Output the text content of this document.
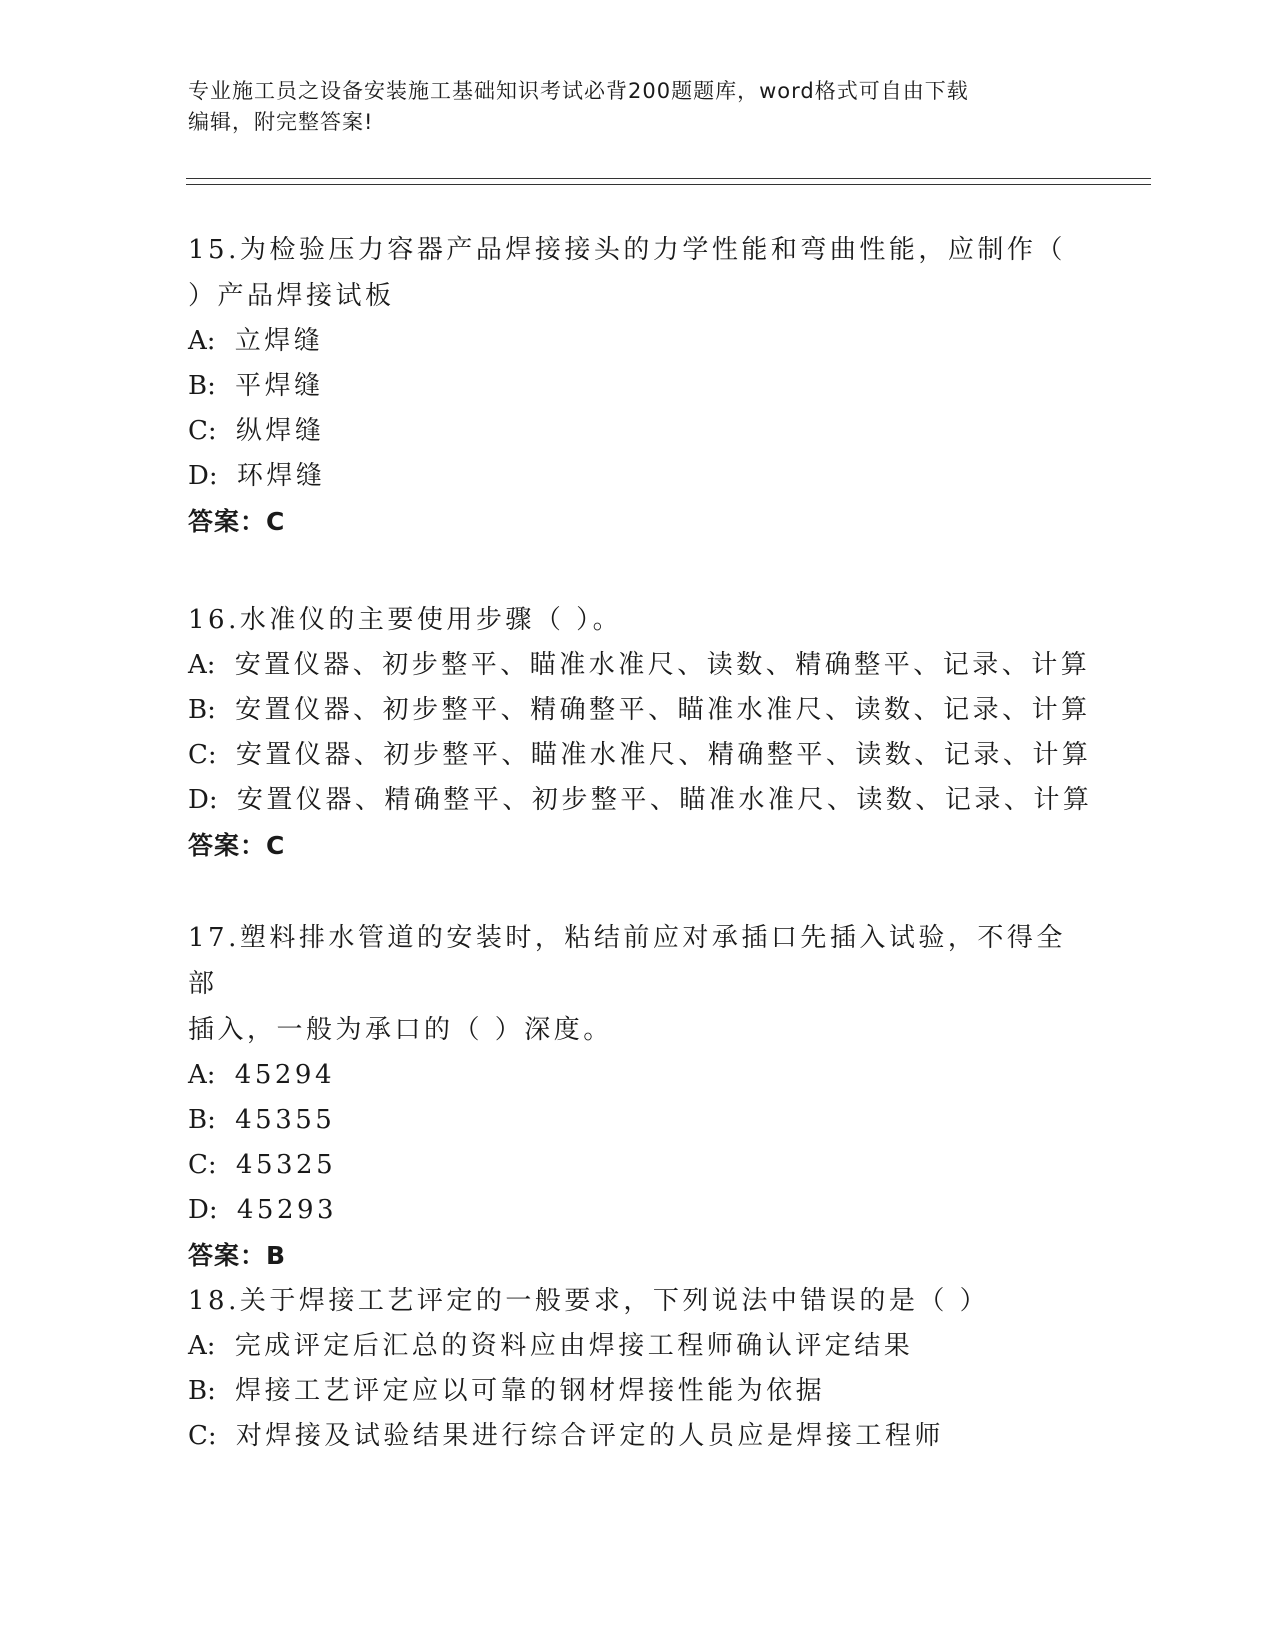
专业施工员之设备安装施工基础知识考试必背200题题库，word格式可自由下载
编辑，附完整答案!

15.为检验压力容器产品焊接接头的力学性能和弯曲性能，应制作（

）产品焊接试板

A: 立焊缝

B: 平焊缝

C: 纵焊缝

D: 环焊缝

答案：C

16.水准仪的主要使用步骤（ ）。

A: 安置仪器、初步整平、瞄准水准尺、读数、精确整平、记录、计算

B: 安置仪器、初步整平、精确整平、瞄准水准尺、读数、记录、计算

C: 安置仪器、初步整平、瞄准水准尺、精确整平、读数、记录、计算

D: 安置仪器、精确整平、初步整平、瞄准水准尺、读数、记录、计算

答案：C

17.塑料排水管道的安装时，粘结前应对承插口先插入试验，不得全部

插入，一般为承口的（ ）深度。

A: 45294

B: 45355

C: 45325

D: 45293

答案：B

18.关于焊接工艺评定的一般要求，下列说法中错误的是（ ）

A: 完成评定后汇总的资料应由焊接工程师确认评定结果

B: 焊接工艺评定应以可靠的钢材焊接性能为依据

C: 对焊接及试验结果进行综合评定的人员应是焊接工程师
